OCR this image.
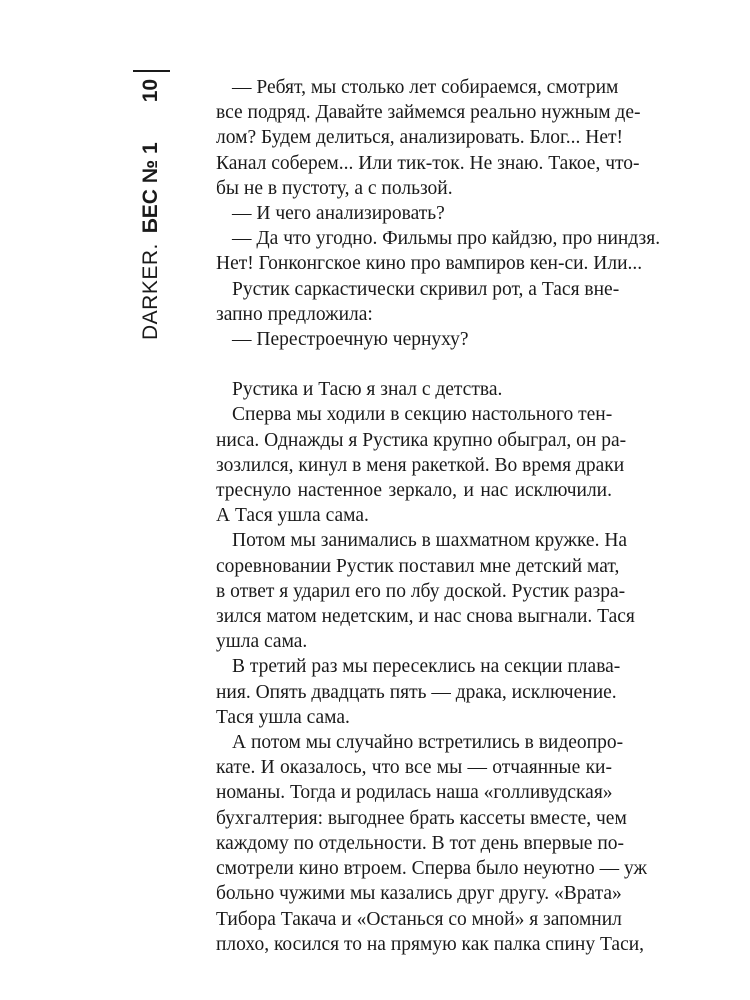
DARKER. БЕС № 110	— Ребят, мы столько лет собираемся, смотрим
все подряд. Давайте займемся реально нужным де-
лом? Будем делиться, анализировать. Блог... Нет!
Канал соберем... Или тик-ток. Не знаю. Такое, что-
бы не в пустоту, а с пользой.
— И чего анализировать?
— Да что угодно. Фильмы про кайдзю, про ниндзя.
Нет! Гонконгское кино про вампиров кен-си. Или...
Рустик саркастически скривил рот, а Тася вне-
запно предложила:
— Перестроечную чернуху?
Рустика и Тасю я знал с детства.
Сперва мы ходили в секцию настольного тен-
ниса. Однажды я Рустика крупно обыграл, он ра-
зозлился, кинул в меня ракеткой. Во время драки
треснуло настенное зеркало, и нас исключили.
А Тася ушла сама.
Потом мы занимались в шахматном кружке. На
соревновании Рустик поставил мне детский мат,
в ответ я ударил его по лбу доской. Рустик разра-
зился матом недетским, и нас снова выгнали. Тася
ушла сама.
В третий раз мы пересеклись на секции плава-
ния. Опять двадцать пять — драка, исключение.
Тася ушла сама.
А потом мы случайно встретились в видеопро-
кате. И оказалось, что все мы — отчаянные ки-
номаны. Тогда и родилась наша «голливудская»
бухгалтерия: выгоднее брать кассеты вместе, чем
каждому по отдельности. В тот день впервые по-
смотрели кино втроем. Сперва было неуютно — уж
больно чужими мы казались друг другу. «Врата»
Тибора Такача и «Останься со мной» я запомнил
плохо, косился то на прямую как палка спину Таси,
